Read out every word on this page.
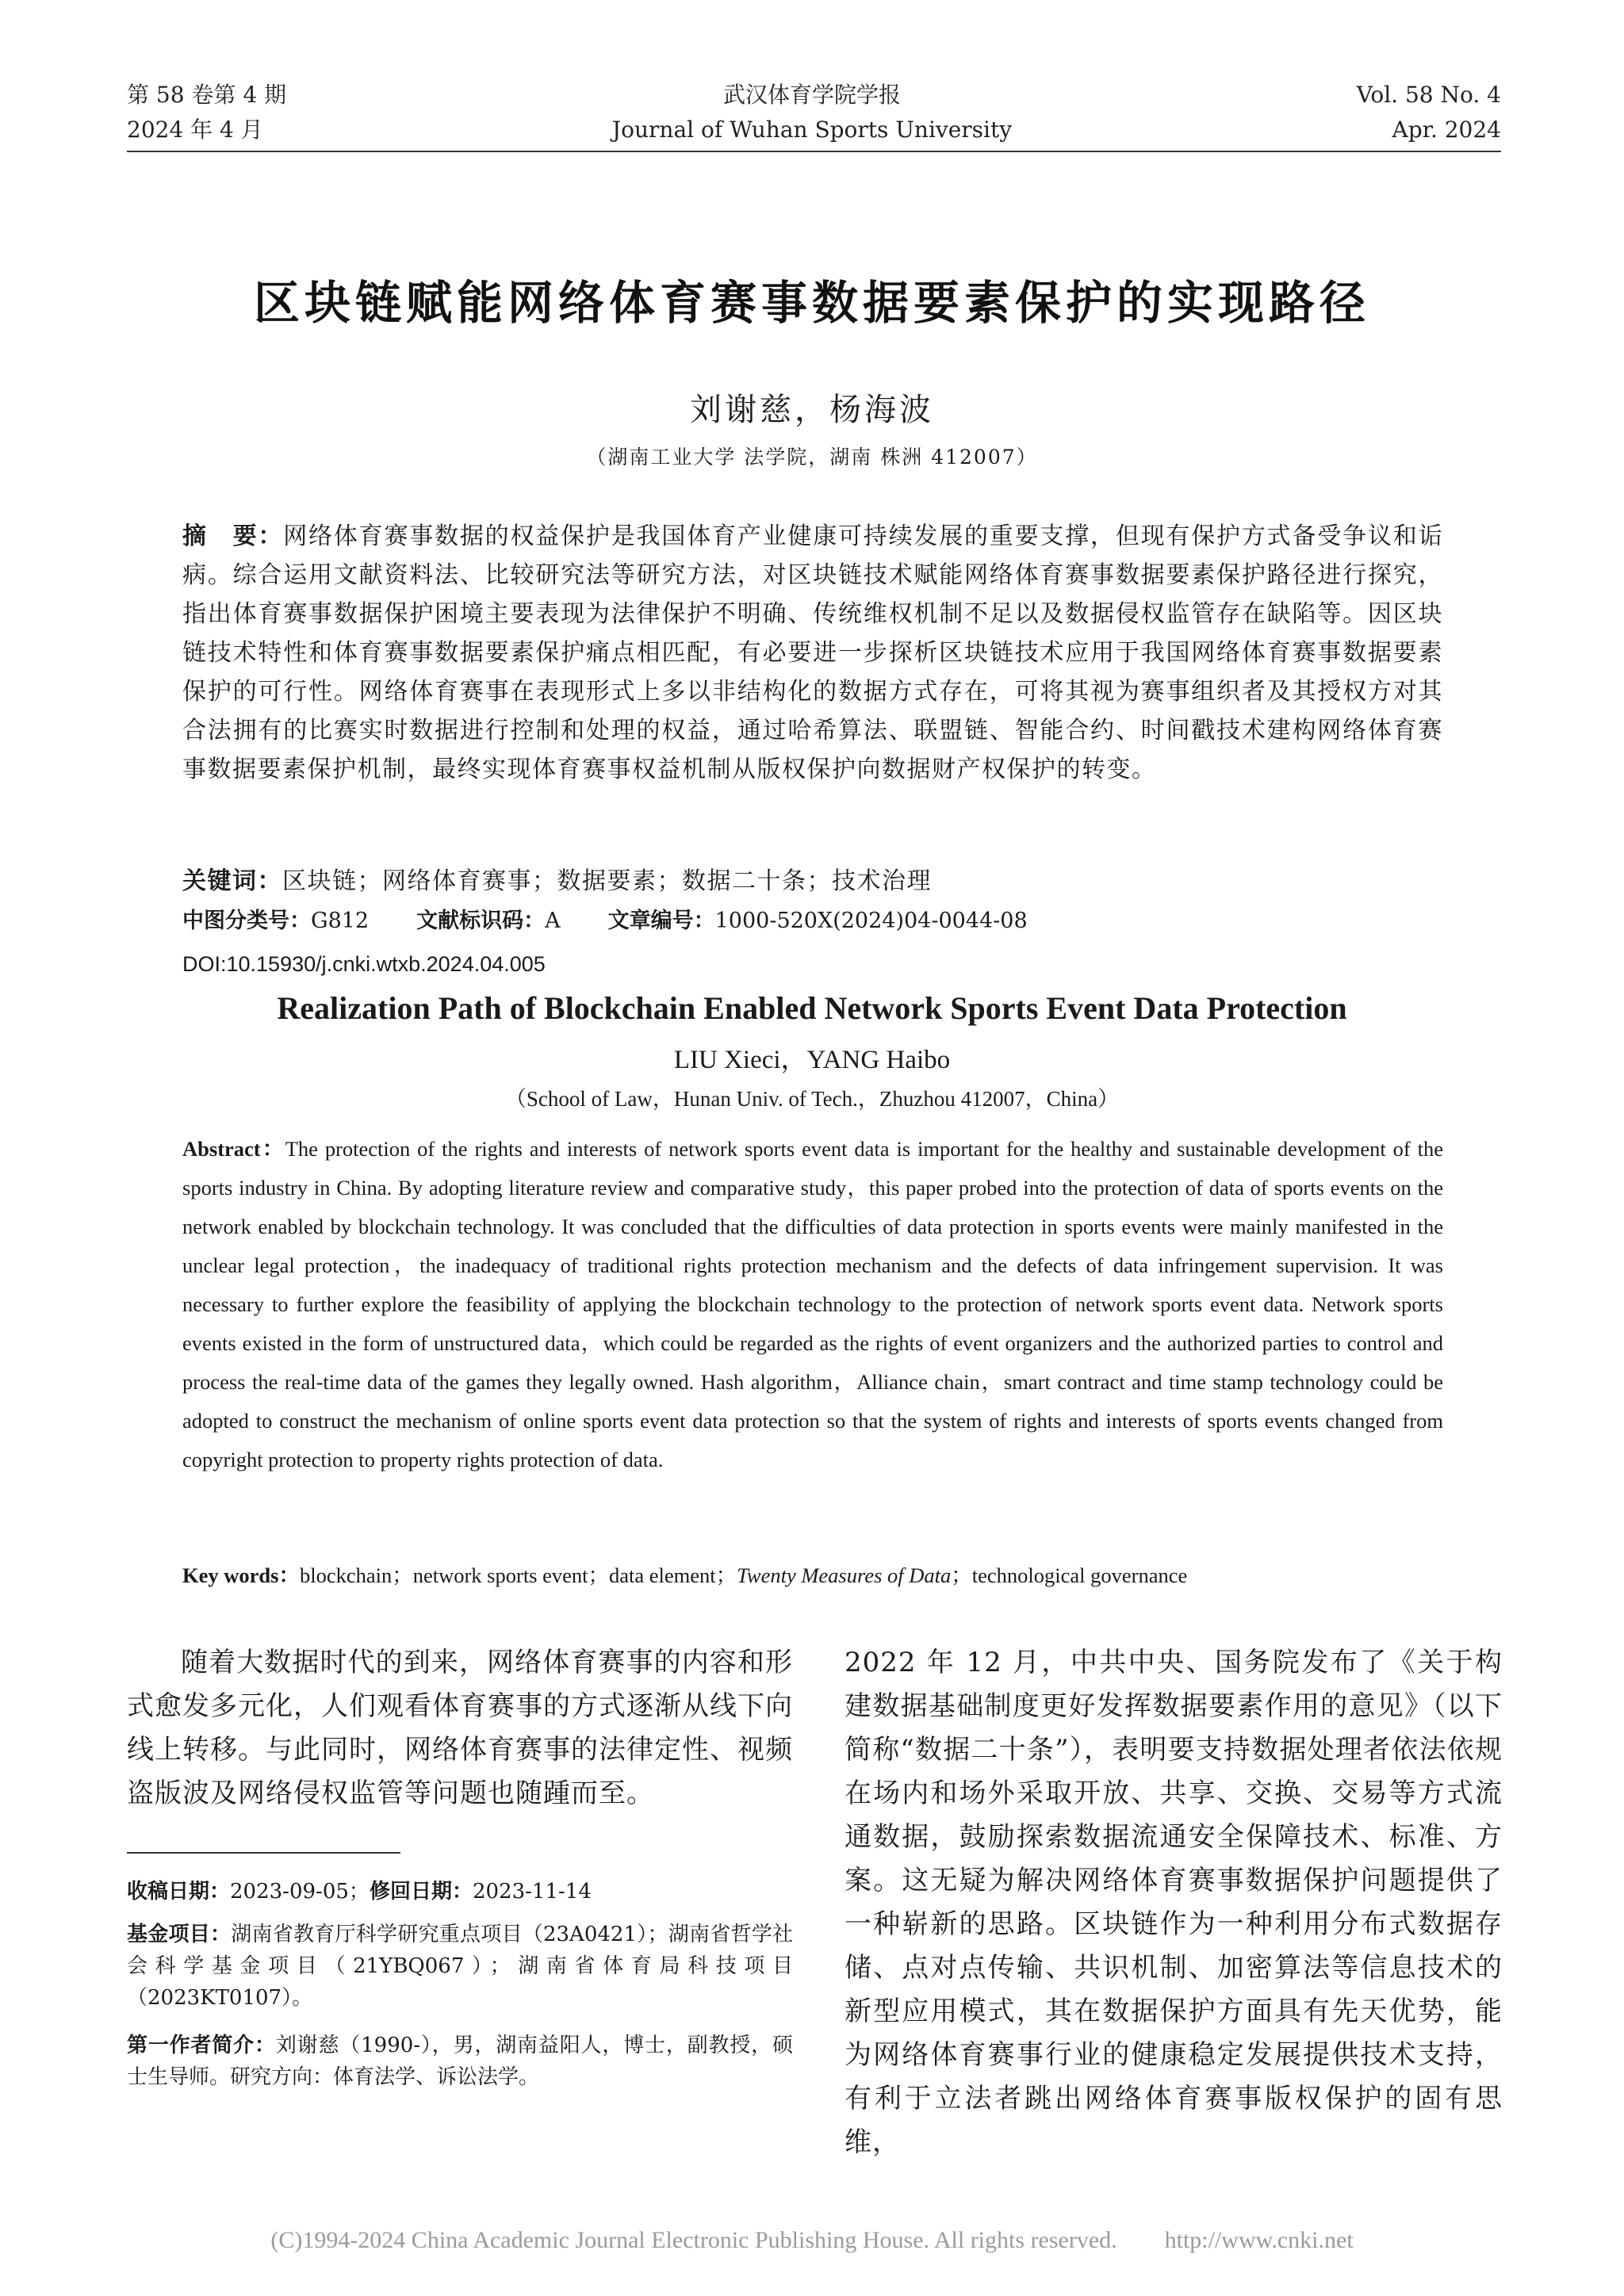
第 58 卷第 4 期
2024 年 4 月
武汉体育学院学报
Journal of Wuhan Sports University
Vol. 58 No. 4
Apr. 2024
区块链赋能网络体育赛事数据要素保护的实现路径
刘谢慈，杨海波
（湖南工业大学 法学院，湖南 株洲 412007）
摘　要：网络体育赛事数据的权益保护是我国体育产业健康可持续发展的重要支撑，但现有保护方式备受争议和诟病。综合运用文献资料法、比较研究法等研究方法，对区块链技术赋能网络体育赛事数据要素保护路径进行探究，指出体育赛事数据保护困境主要表现为法律保护不明确、传统维权机制不足以及数据侵权监管存在缺陷等。因区块链技术特性和体育赛事数据要素保护痛点相匹配，有必要进一步探析区块链技术应用于我国网络体育赛事数据要素保护的可行性。网络体育赛事在表现形式上多以非结构化的数据方式存在，可将其视为赛事组织者及其授权方对其合法拥有的比赛实时数据进行控制和处理的权益，通过哈希算法、联盟链、智能合约、时间戳技术建构网络体育赛事数据要素保护机制，最终实现体育赛事权益机制从版权保护向数据财产权保护的转变。
关键词：区块链；网络体育赛事；数据要素；数据二十条；技术治理
中图分类号：G812 文献标识码：A 文章编号：1000-520X(2024)04-0044-08
DOI:10.15930/j.cnki.wtxb.2024.04.005
Realization Path of Blockchain Enabled Network Sports Event Data Protection
LIU Xieci，YANG Haibo
（School of Law，Hunan Univ. of Tech.，Zhuzhou 412007，China）
Abstract：The protection of the rights and interests of network sports event data is important for the healthy and sustainable development of the sports industry in China. By adopting literature review and comparative study，this paper probed into the protection of data of sports events on the network enabled by blockchain technology. It was concluded that the difficulties of data protection in sports events were mainly manifested in the unclear legal protection，the inadequacy of traditional rights protection mechanism and the defects of data infringement supervision. It was necessary to further explore the feasibility of applying the blockchain technology to the protection of network sports event data. Network sports events existed in the form of unstructured data，which could be regarded as the rights of event organizers and the authorized parties to control and process the real-time data of the games they legally owned. Hash algorithm，Alliance chain，smart contract and time stamp technology could be adopted to construct the mechanism of online sports event data protection so that the system of rights and interests of sports events changed from copyright protection to property rights protection of data.
Key words：blockchain；network sports event；data element；Twenty Measures of Data；technological governance
随着大数据时代的到来，网络体育赛事的内容和形式愈发多元化，人们观看体育赛事的方式逐渐从线下向线上转移。与此同时，网络体育赛事的法律定性、视频盗版波及网络侵权监管等问题也随踵而至。
2022 年 12 月，中共中央、国务院发布了《关于构建数据基础制度更好发挥数据要素作用的意见》（以下简称“数据二十条”），表明要支持数据处理者依法依规在场内和场外采取开放、共享、交换、交易等方式流通数据，鼓励探索数据流通安全保障技术、标准、方案。这无疑为解决网络体育赛事数据保护问题提供了一种崭新的思路。区块链作为一种利用分布式数据存储、点对点传输、共识机制、加密算法等信息技术的新型应用模式，其在数据保护方面具有先天优势，能为网络体育赛事行业的健康稳定发展提供技术支持，有利于立法者跳出网络体育赛事版权保护的固有思维，
收稿日期：2023-09-05；修回日期：2023-11-14
基金项目：湖南省教育厅科学研究重点项目（23A0421）；湖南省哲学社会科学基金项目（21YBQ067）；湖南省体育局科技项目（2023KT0107）。
第一作者简介：刘谢慈（1990-），男，湖南益阳人，博士，副教授，硕士生导师。研究方向：体育法学、诉讼法学。
(C)1994-2024 China Academic Journal Electronic Publishing House. All rights reserved.　　http://www.cnki.net
